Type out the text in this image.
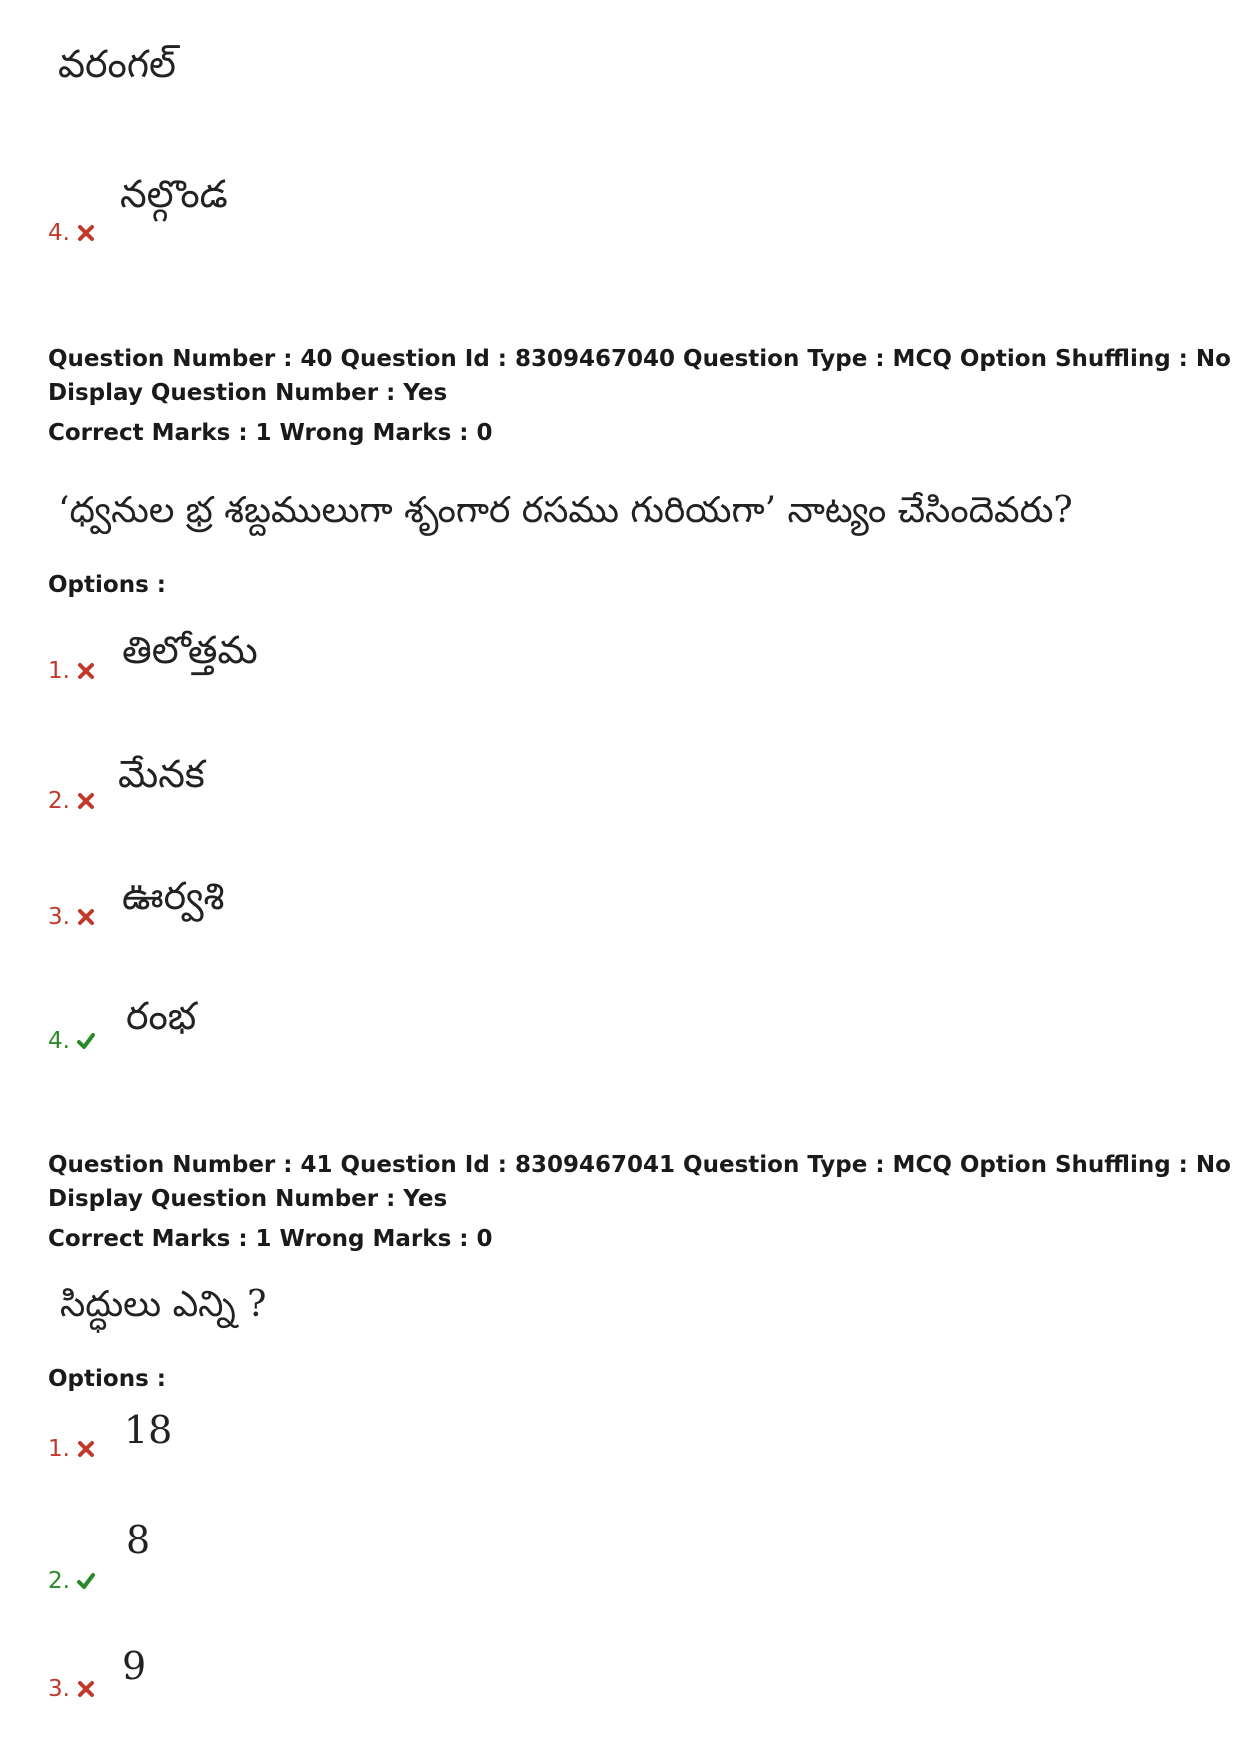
వరంగల్
4.
నల్గొండ
Question Number : 40 Question Id : 8309467040 Question Type : MCQ Option Shuffling : No
Display Question Number : Yes
Correct Marks : 1 Wrong Marks : 0
‘ధ్వనుల భ్ర శబ్దములుగా శృంగార రసము గురియగా’ నాట్యం చేసిందెవరు?
Options :
1. తిలోత్తమ
2.
మేనక
3. ఊర్వశి
4.
రంభ
Question Number : 41 Question Id : 8309467041 Question Type : MCQ Option Shuffling : No
Display Question Number : Yes
Correct Marks : 1 Wrong Marks : 0
సిద్ధులు ఎన్ని ?
Options :
1. 18
2.
8
3.
9
